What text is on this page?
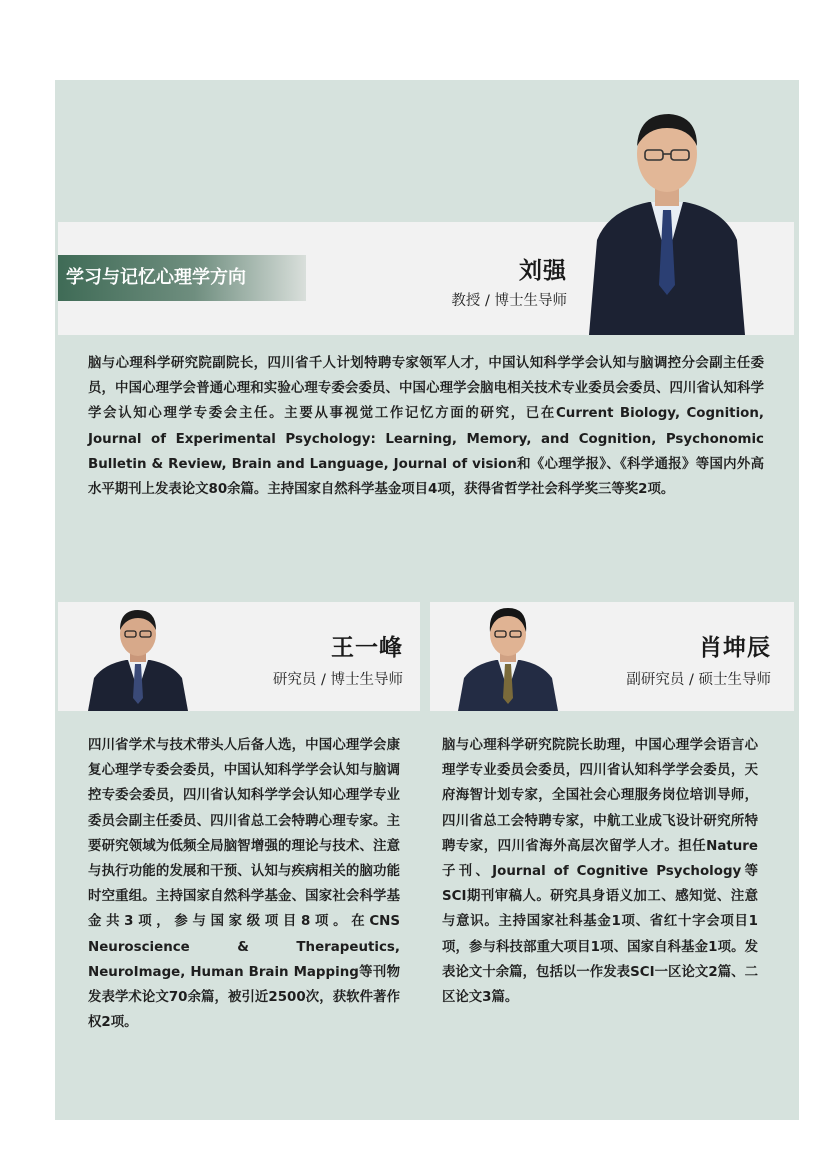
学习与记忆心理学方向	刘强
教授 / 博士生导师
脑与心理科学研究院副院长，四川省千人计划特聘专家领军人才，中国认知科学学会认知与脑调控分会副主任委员，中国心理学会普通心理和实验心理专委会委员、中国心理学会脑电相关技术专业委员会委员、四川省认知科学学会认知心理学专委会主任。主要从事视觉工作记忆方面的研究，已在Current Biology, Cognition, Journal of Experimental Psychology: Learning, Memory, and Cognition, Psychonomic Bulletin & Review, Brain and Language, Journal of vision和《心理学报》、《科学通报》等国内外高水平期刊上发表论文80余篇。主持国家自然科学基金项目4项，获得省哲学社会科学奖三等奖2项。
王一峰
研究员 / 博士生导师
四川省学术与技术带头人后备人选，中国心理学会康复心理学专委会委员，中国认知科学学会认知与脑调控专委会委员，四川省认知科学学会认知心理学专业委员会副主任委员、四川省总工会特聘心理专家。主要研究领域为低频全局脑智增强的理论与技术、注意与执行功能的发展和干预、认知与疾病相关的脑功能时空重组。主持国家自然科学基金、国家社会科学基金共3项，参与国家级项目8项。在CNS Neuroscience & Therapeutics, NeuroImage, Human Brain Mapping等刊物发表学术论文70余篇，被引近2500次，获软件著作权2项。
肖坤辰
副研究员 / 硕士生导师
脑与心理科学研究院院长助理，中国心理学会语言心理学专业委员会委员，四川省认知科学学会委员，天府海智计划专家，全国社会心理服务岗位培训导师，四川省总工会特聘专家，中航工业成飞设计研究所特聘专家，四川省海外高层次留学人才。担任Nature子刊、Journal of Cognitive Psychology等SCI期刊审稿人。研究具身语义加工、感知觉、注意与意识。主持国家社科基金1项、省红十字会项目1项，参与科技部重大项目1项、国家自科基金1项。发表论文十余篇，包括以一作发表SCI一区论文2篇、二区论文3篇。
